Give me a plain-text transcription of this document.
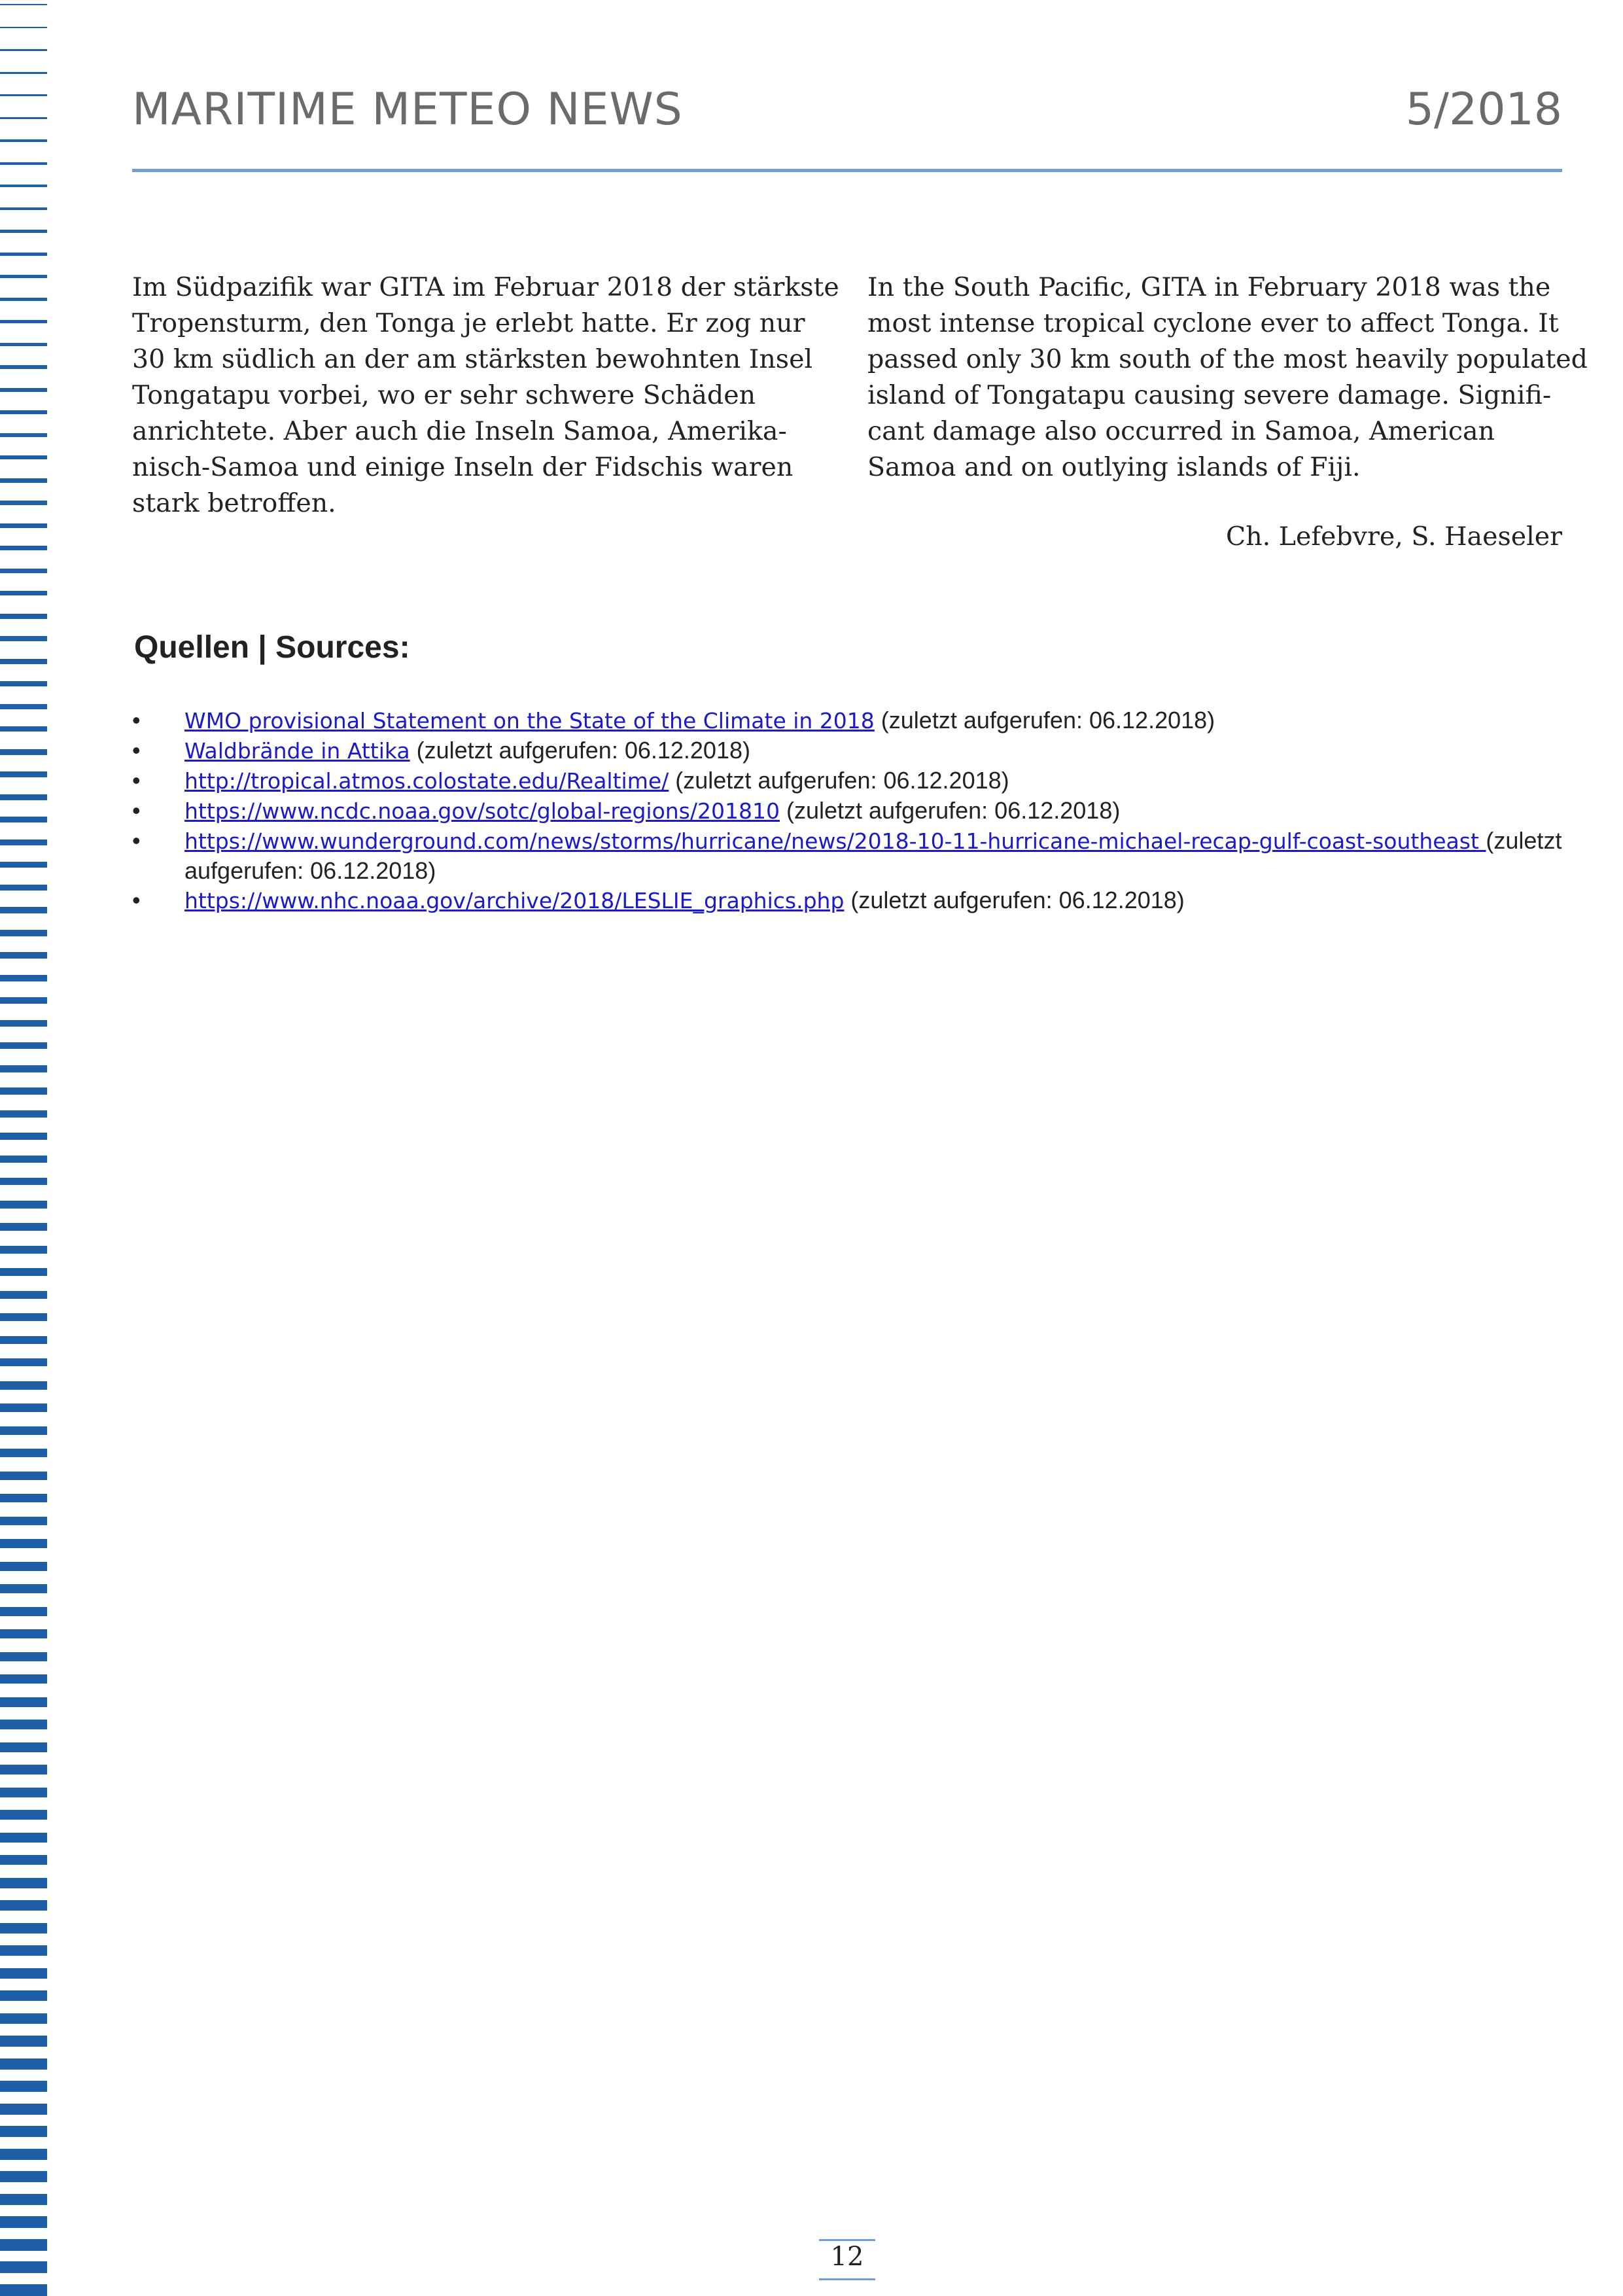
MARITIME METEO NEWS	5/2018
Im Südpazifik war GITA im Februar 2018 der stärkste
Tropensturm, den Tonga je erlebt hatte. Er zog nur
30 km südlich an der am stärksten bewohnten Insel
Tongatapu vorbei, wo er sehr schwere Schäden
anrichtete. Aber auch die Inseln Samoa, Amerika-
nisch-Samoa und einige Inseln der Fidschis waren
stark betroffen.
In the South Pacific, GITA in February 2018 was the
most intense tropical cyclone ever to affect Tonga. It
passed only 30 km south of the most heavily populated
island of Tongatapu causing severe damage. Signifi-
cant damage also occurred in Samoa, American
Samoa and on outlying islands of Fiji.
Ch. Lefebvre, S. Haeseler
Quellen | Sources:
• WMO provisional Statement on the State of the Climate in 2018 (zuletzt aufgerufen: 06.12.2018)
• Waldbrände in Attika (zuletzt aufgerufen: 06.12.2018)
• http://tropical.atmos.colostate.edu/Realtime/ (zuletzt aufgerufen: 06.12.2018)
• https://www.ncdc.noaa.gov/sotc/global-regions/201810 (zuletzt aufgerufen: 06.12.2018)
• https://www.wunderground.com/news/storms/hurricane/news/2018-10-11-hurricane-michael-recap-gulf-coast-southeast (zuletzt aufgerufen: 06.12.2018)
• https://www.nhc.noaa.gov/archive/2018/LESLIE_graphics.php (zuletzt aufgerufen: 06.12.2018)
12
